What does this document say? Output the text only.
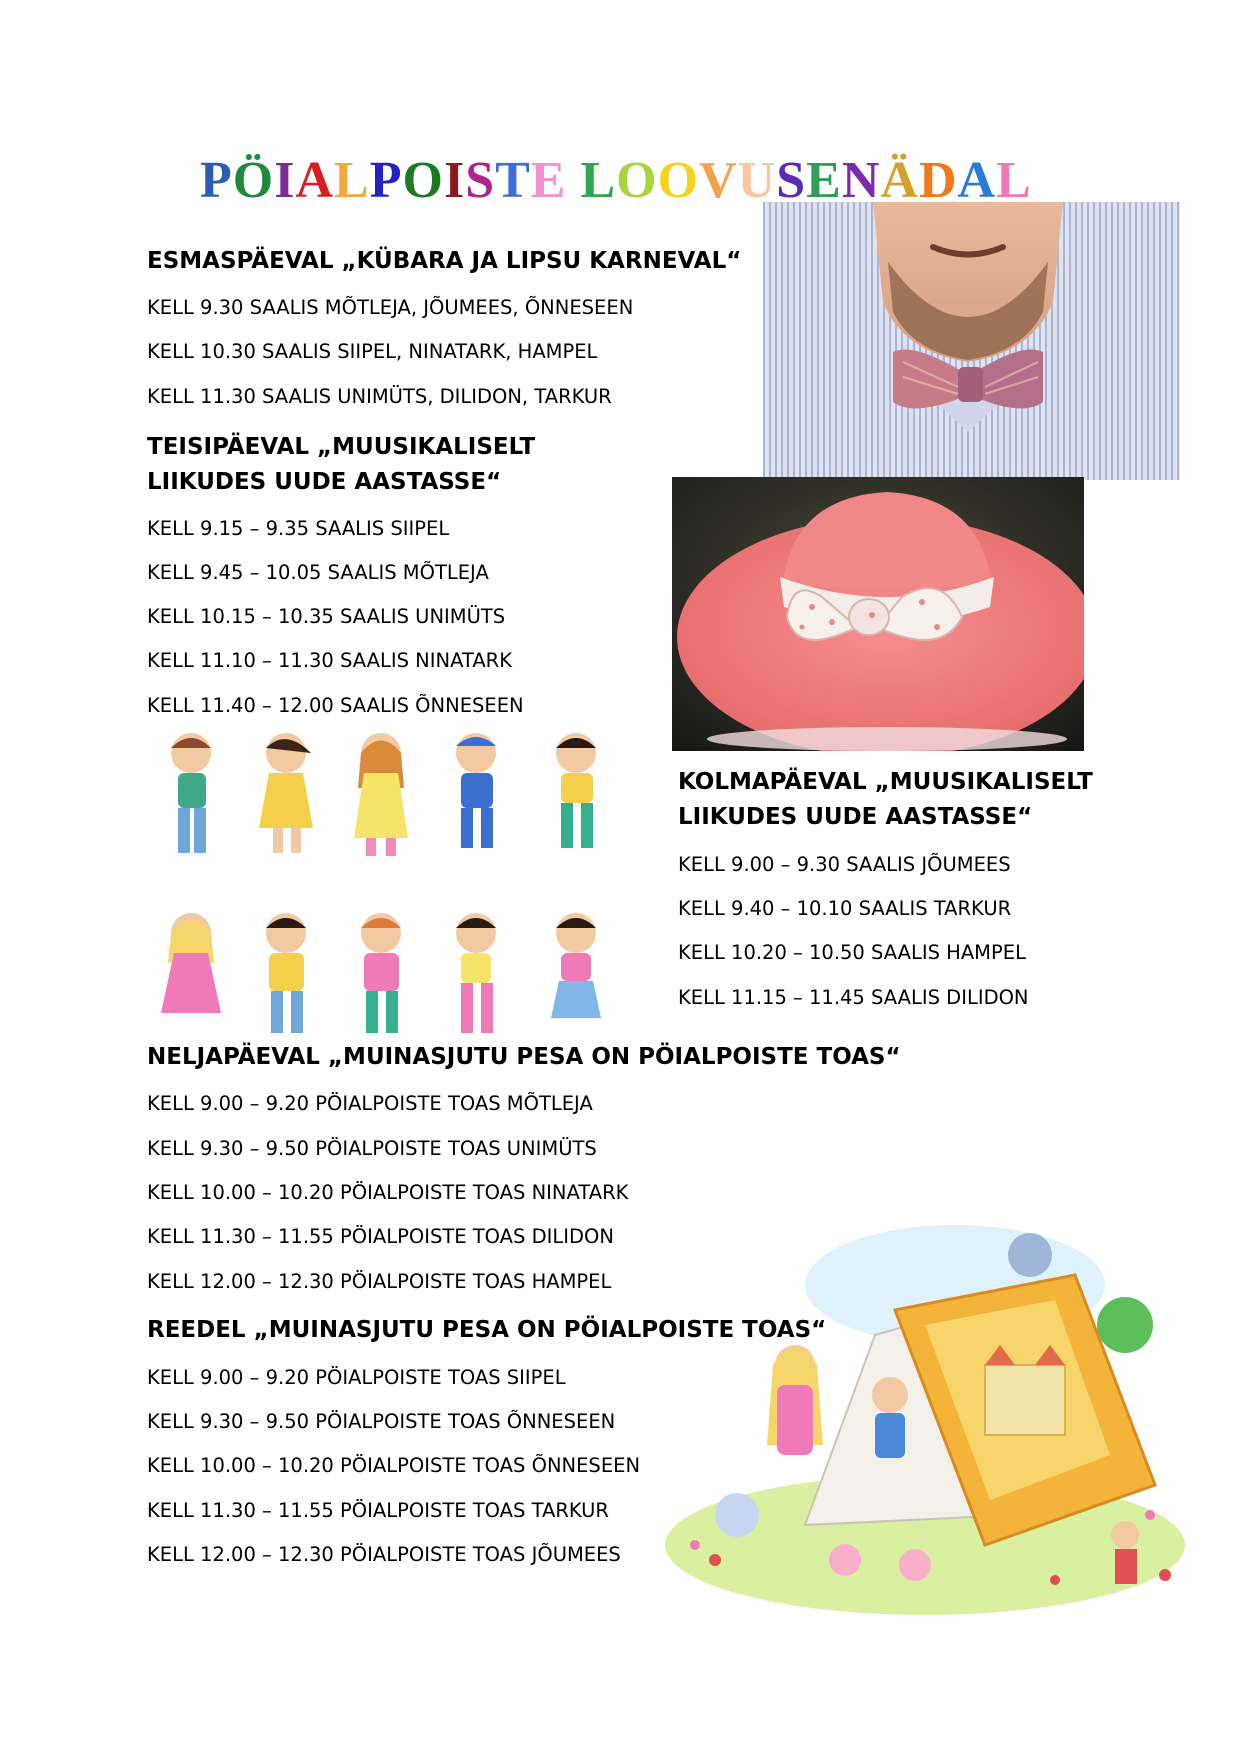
PÖIALPOISTE LOOVUSENÄDAL

ESMASPÄEVAL „KÜBARA JA LIPSU KARNEVAL“

KELL 9.30 SAALIS MÕTLEJA, JÕUMEES, ÕNNESEEN

KELL 10.30 SAALIS SIIPEL, NINATARK, HAMPEL

KELL 11.30 SAALIS UNIMÜTS, DILIDON, TARKUR

TEISIPÄEVAL „MUUSIKALISELT

LIIKUDES UUDE AASTASSE“

KELL 9.15 – 9.35 SAALIS SIIPEL

KELL 9.45 – 10.05 SAALIS MÕTLEJA

KELL 10.15 – 10.35 SAALIS UNIMÜTS

KELL 11.10 – 11.30 SAALIS NINATARK

KELL 11.40 – 12.00 SAALIS ÕNNESEEN

KOLMAPÄEVAL „MUUSIKALISELT

LIIKUDES UUDE AASTASSE“

KELL 9.00 – 9.30 SAALIS JÕUMEES

KELL 9.40 – 10.10 SAALIS TARKUR

KELL 10.20 – 10.50 SAALIS HAMPEL

KELL 11.15 – 11.45 SAALIS DILIDON

NELJAPÄEVAL „MUINASJUTU PESA ON PÖIALPOISTE TOAS“

KELL 9.00 – 9.20 PÖIALPOISTE TOAS MÕTLEJA

KELL 9.30 – 9.50 PÖIALPOISTE TOAS UNIMÜTS

KELL 10.00 – 10.20 PÖIALPOISTE TOAS NINATARK

KELL 11.30 – 11.55 PÖIALPOISTE TOAS DILIDON

KELL 12.00 – 12.30 PÖIALPOISTE TOAS HAMPEL

REEDEL „MUINASJUTU PESA ON PÖIALPOISTE TOAS“

KELL 9.00 – 9.20 PÖIALPOISTE TOAS SIIPEL

KELL 9.30 – 9.50 PÖIALPOISTE TOAS ÕNNESEEN

KELL 10.00 – 10.20 PÖIALPOISTE TOAS ÕNNESEEN

KELL 11.30 – 11.55 PÖIALPOISTE TOAS TARKUR

KELL 12.00 – 12.30 PÖIALPOISTE TOAS JÕUMEES
